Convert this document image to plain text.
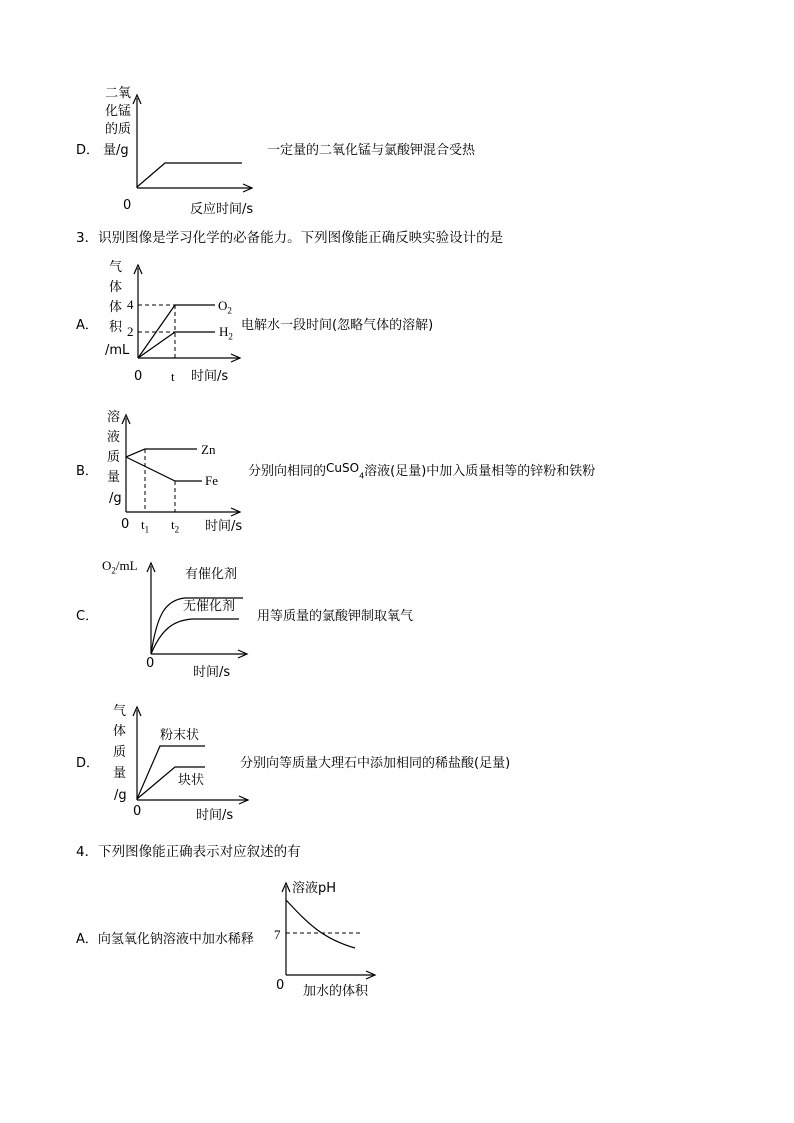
D．
二氧
化锰
的质
量/g
0	反应时间/s
一定量的二氧化锰与氯酸钾混合受热
3．识别图像是学习化学的必备能力。下列图像能正确反映实验设计的是
A．
气
体
体
积
/mL
4
2
$O_2$
$H_2$
0 t 时间/s
电解水一段时间(忽略气体的溶解)
B．
溶
液
质
量
/g
Zn
Fe
0 $t_1$ $t_2$ 时间/s
分别向相同的CuSO$_4$溶液(足量)中加入质量相等的锌粉和铁粉
C．
$O_2/mL$
有催化剂
无催化剂
0
时间/s
用等质量的氯酸钾制取氧气
D．
气
体
质
量
/g
粉末状
块状
0	时间/s
分别向等质量大理石中添加相同的稀盐酸(足量)
4．下列图像能正确表示对应叙述的有
A．向氢氧化钠溶液中加水稀释
溶液pH
7
0 加水的体积
